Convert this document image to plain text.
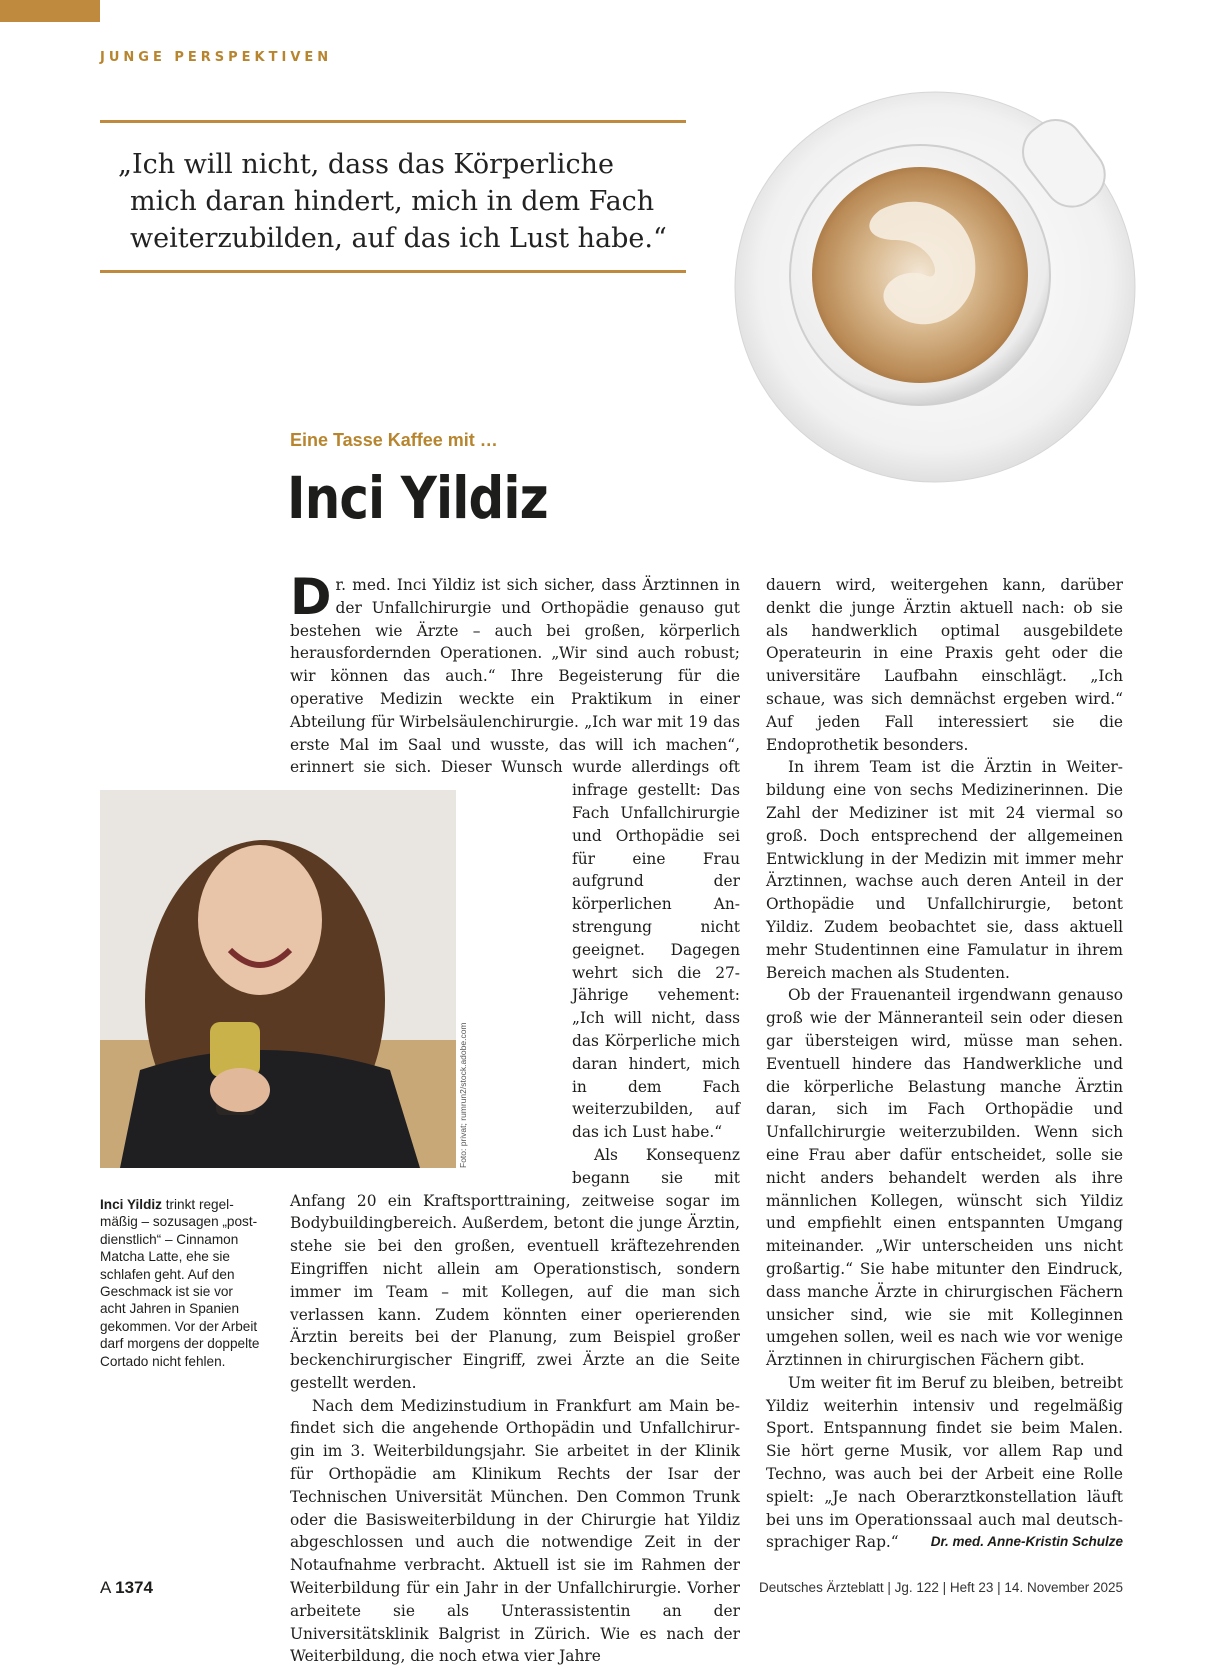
JUNGE PERSPEKTIVEN
„Ich will nicht, dass das Körperliche
mich daran hindert, mich in dem Fach
weiterzubilden, auf das ich Lust habe.“
Eine Tasse Kaffee mit …
Inci Yildiz

Dr. med. Inci Yildiz ist sich sicher, dass Ärztinnen in der Unfallchirurgie und Orthopädie genauso gut bestehen wie Ärzte – auch bei großen, körperlich herausfordernden Operationen. „Wir sind auch robust; wir können das auch.“ Ihre Begeisterung für die operative Medizin weckte ein Praktikum in einer Abteilung für Wirbelsäulenchirurgie. „Ich war mit 19 das erste Mal im Saal und wusste, das will ich machen“, erinnert sie sich. Dieser Wunsch
wurde allerdings oft infrage gestellt: Das Fach Unfallchirurgie und Orthopädie sei für eine Frau aufgrund der körperlichen Anstrengung nicht geeignet. Dagegen wehrt sich die 27-Jährige vehement: „Ich will nicht, dass das Körperliche mich daran hindert, mich in dem Fach weiterzubilden, auf das ich Lust habe.“

Als Konsequenz begann sie mit Anfang 20 ein Kraftsporttraining, zeitweise sogar im Bodybuildingbereich. Außerdem, betont die junge Ärztin, stehe sie bei den großen, eventuell kräftezehrenden Eingriffen nicht allein am Operationstisch, sondern immer im Team – mit Kollegen, auf die man sich verlassen kann. Zudem könnten einer operierenden Ärztin bereits bei der Planung, zum Beispiel großer beckenchirurgischer Eingriff, zwei Ärzte an die Seite gestellt werden.

Nach dem Medizinstudium in Frankfurt am Main befindet sich die angehende Orthopädin und Unfallchirurgin im 3. Weiterbildungsjahr. Sie arbeitet in der Klinik für Orthopädie am Klinikum Rechts der Isar der Technischen Universität München. Den Common Trunk oder die Basisweiterbildung in der Chirurgie hat Yildiz abgeschlossen und auch die notwendige Zeit in der Notaufnahme verbracht. Aktuell ist sie im Rahmen der Weiterbildung für ein Jahr in der Unfallchirurgie. Vorher arbeitete sie als Unterassistentin an der Universitätsklinik Balgrist in Zürich. Wie es nach der Weiterbildung, die noch etwa vier Jahre

Foto: privat; rumrun2/stock.adobe.com
Inci Yildiz trinkt regelmäßig – sozusagen „postdienstlich“ – Cinnamon Matcha Latte, ehe sie schlafen geht. Auf den Geschmack ist sie vor acht Jahren in Spanien gekommen. Vor der Arbeit darf morgens der doppelte Cortado nicht fehlen.

dauern wird, weitergehen kann, darüber denkt die junge Ärztin aktuell nach: ob sie als handwerklich optimal ausgebildete Operateurin in eine Praxis geht oder die universitäre Laufbahn einschlägt. „Ich schaue, was sich demnächst ergeben wird.“ Auf jeden Fall interessiert sie die Endoprothetik besonders.

In ihrem Team ist die Ärztin in Weiterbildung eine von sechs Medizinerinnen. Die Zahl der Mediziner ist mit 24 viermal so groß. Doch entsprechend der allgemeinen Entwicklung in der Medizin mit immer mehr Ärztinnen, wachse auch deren Anteil in der Orthopädie und Unfallchirurgie, betont Yildiz. Zudem beobachtet sie, dass aktuell mehr Studentinnen eine Famulatur in ihrem Bereich machen als Studenten.

Ob der Frauenanteil irgendwann genauso groß wie der Männeranteil sein oder diesen gar übersteigen wird, müsse man sehen. Eventuell hindere das Handwerkliche und die körperliche Belastung manche Ärztin daran, sich im Fach Orthopädie und Unfallchirurgie weiterzubilden. Wenn sich eine Frau aber dafür entscheidet, solle sie nicht anders behandelt werden als ihre männlichen Kollegen, wünscht sich Yildiz und empfiehlt einen entspannten Umgang miteinander. „Wir unterscheiden uns nicht großartig.“ Sie habe mitunter den Eindruck, dass manche Ärzte in chirurgischen Fächern unsicher sind, wie sie mit Kolleginnen umgehen sollen, weil es nach wie vor wenige Ärztinnen in chirurgischen Fächern gibt.

Um weiter fit im Beruf zu bleiben, betreibt Yildiz weiterhin intensiv und regelmäßig Sport. Entspannung findet sie beim Malen. Sie hört gerne Musik, vor allem Rap und Techno, was auch bei der Arbeit eine Rolle spielt: „Je nach Oberarztkonstellation läuft bei uns im Operationssaal auch mal deutschsprachiger Rap.“	Dr. med. Anne-Kristin Schulze

A 1374	Deutsches Ärzteblatt | Jg. 122 | Heft 23 | 14. November 2025
